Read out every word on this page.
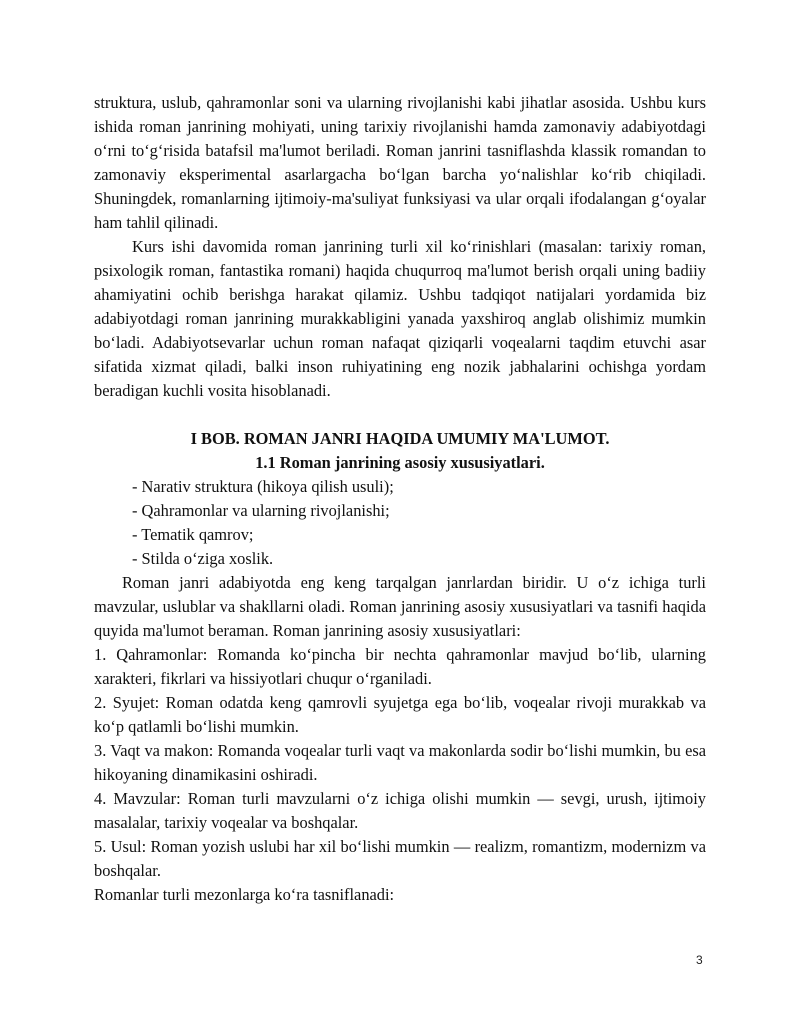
struktura, uslub, qahramonlar soni va ularning rivojlanishi kabi jihatlar asosida. Ushbu kurs ishida roman janrining mohiyati, uning tarixiy rivojlanishi hamda zamonaviy adabiyotdagi o‘rni to‘g‘risida batafsil ma'lumot beriladi. Roman janrini tasniflashda klassik romandan to zamonaviy eksperimental asarlargacha bo‘lgan barcha yo‘nalishlar ko‘rib chiqiladi. Shuningdek, romanlarning ijtimoiy-ma'suliyat funksiyasi va ular orqali ifodalangan g‘oyalar ham tahlil qilinadi.

Kurs ishi davomida roman janrining turli xil ko‘rinishlari (masalan: tarixiy roman, psixologik roman, fantastika romani) haqida chuqurroq ma'lumot berish orqali uning badiiy ahamiyatini ochib berishga harakat qilamiz. Ushbu tadqiqot natijalari yordamida biz adabiyotdagi roman janrining murakkabligini yanada yaxshiroq anglab olishimiz mumkin bo‘ladi. Adabiyotsevarlar uchun roman nafaqat qiziqarli voqealarni taqdim etuvchi asar sifatida xizmat qiladi, balki inson ruhiyatining eng nozik jabhalarini ochishga yordam beradigan kuchli vosita hisoblanadi.

I BOB. ROMAN JANRI HAQIDA UMUMIY MA'LUMOT.

1.1 Roman janrining asosiy xususiyatlari.

- Narativ struktura (hikoya qilish usuli);
- Qahramonlar va ularning rivojlanishi;
- Tematik qamrov;
- Stilda o‘ziga xoslik.

Roman janri adabiyotda eng keng tarqalgan janrlardan biridir. U o‘z ichiga turli mavzular, uslublar va shakllarni oladi. Roman janrining asosiy xususiyatlari va tasnifi haqida quyida ma'lumot beraman. Roman janrining asosiy xususiyatlari:

1. Qahramonlar: Romanda ko‘pincha bir nechta qahramonlar mavjud bo‘lib, ularning xarakteri, fikrlari va hissiyotlari chuqur o‘rganiladi.
2. Syujet: Roman odatda keng qamrovli syujetga ega bo‘lib, voqealar rivoji murakkab va ko‘p qatlamli bo‘lishi mumkin.
3. Vaqt va makon: Romanda voqealar turli vaqt va makonlarda sodir bo‘lishi mumkin, bu esa hikoyaning dinamikasini oshiradi.
4. Mavzular: Roman turli mavzularni o‘z ichiga olishi mumkin — sevgi, urush, ijtimoiy masalalar, tarixiy voqealar va boshqalar.
5. Usul: Roman yozish uslubi har xil bo‘lishi mumkin — realizm, romantizm, modernizm va boshqalar.

Romanlar turli mezonlarga ko‘ra tasniflanadi:

3
